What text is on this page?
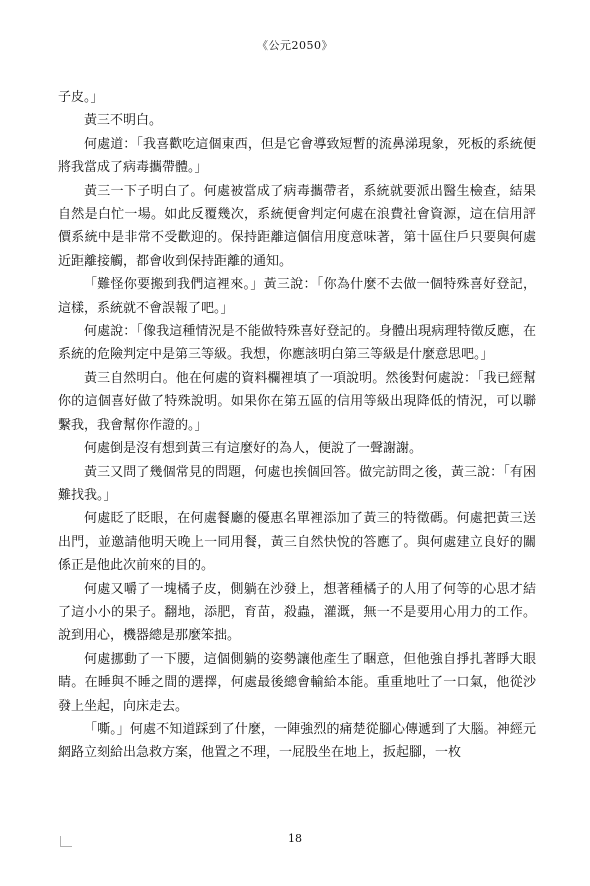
《公元2050》

子皮。」

黃三不明白。

何處道：「我喜歡吃這個東西，但是它會導致短暫的流鼻涕現象，死板的系統便將我當成了病毒攜帶體。」

黃三一下子明白了。何處被當成了病毒攜帶者，系統就要派出醫生檢查，結果自然是白忙一場。如此反覆幾次，系統便會判定何處在浪費社會資源，這在信用評價系統中是非常不受歡迎的。保持距離這個信用度意味著，第十區住戶只要與何處近距離接觸，都會收到保持距離的通知。

「難怪你要搬到我們這裡來。」黃三說：「你為什麼不去做一個特殊喜好登記，這樣，系統就不會誤報了吧。」

何處說：「像我這種情況是不能做特殊喜好登記的。身體出現病理特徵反應，在系統的危險判定中是第三等級。我想，你應該明白第三等級是什麼意思吧。」

黃三自然明白。他在何處的資料欄裡填了一項說明。然後對何處說：「我已經幫你的這個喜好做了特殊說明。如果你在第五區的信用等級出現降低的情況，可以聯繫我，我會幫你作證的。」

何處倒是沒有想到黃三有這麼好的為人，便說了一聲謝謝。

黃三又問了幾個常見的問題，何處也挨個回答。做完訪問之後，黃三說：「有困難找我。」

何處眨了眨眼，在何處餐廳的優惠名單裡添加了黃三的特徵碼。何處把黃三送出門，並邀請他明天晚上一同用餐，黃三自然快悅的答應了。與何處建立良好的關係正是他此次前來的目的。

何處又嚼了一塊橘子皮，側躺在沙發上，想著種橘子的人用了何等的心思才結了這小小的果子。翻地，添肥，育苗，殺蟲，灌溉，無一不是要用心用力的工作。說到用心，機器總是那麼笨拙。

何處挪動了一下腰，這個側躺的姿勢讓他產生了睏意，但他強自掙扎著睜大眼睛。在睡與不睡之間的選擇，何處最後總會輸給本能。重重地吐了一口氣，他從沙發上坐起，向床走去。

「嘶。」何處不知道踩到了什麼，一陣強烈的痛楚從腳心傳遞到了大腦。神經元網路立刻給出急救方案，他置之不理，一屁股坐在地上，扳起腳，一枚

18
